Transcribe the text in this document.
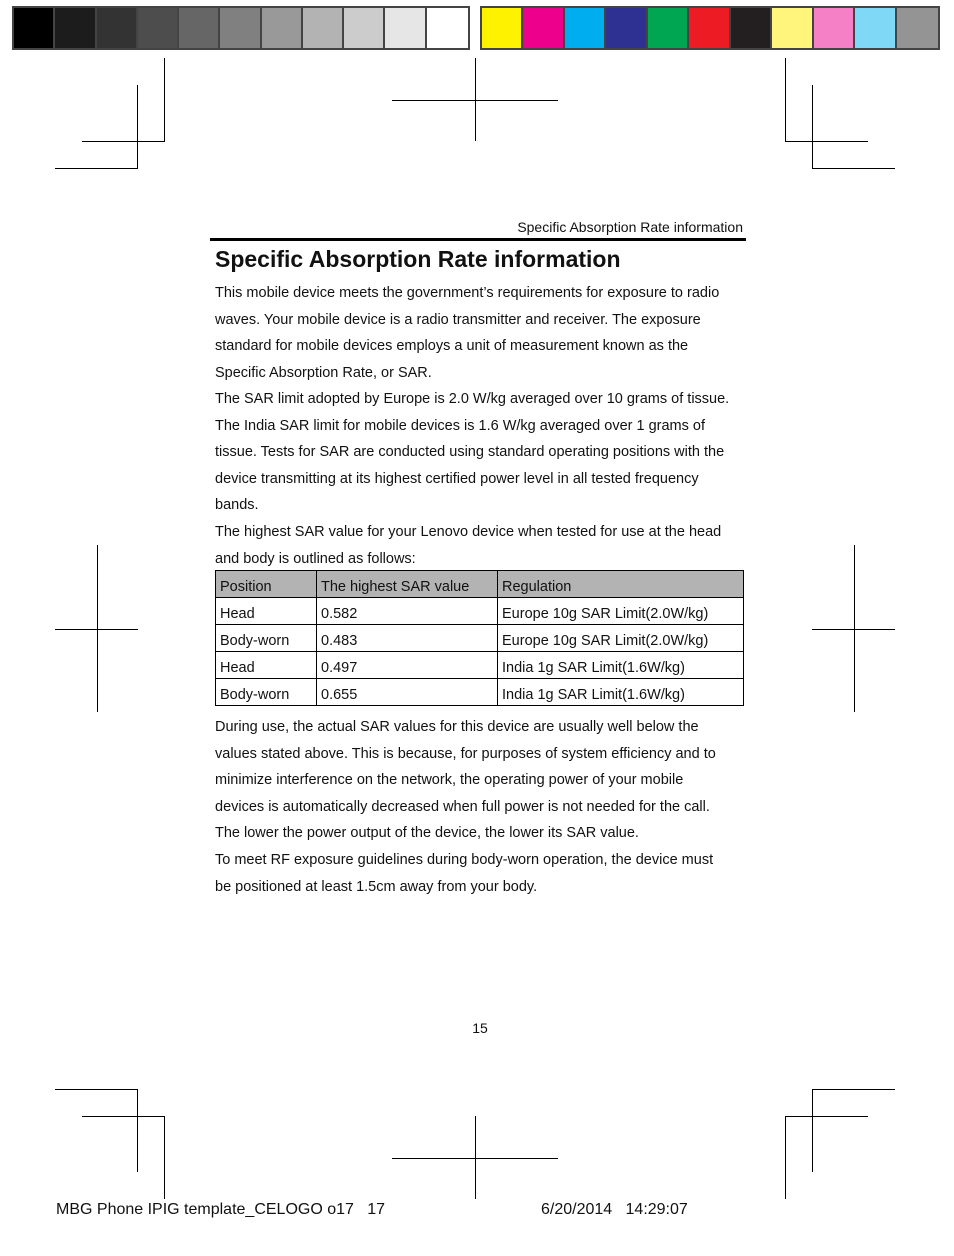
Specific Absorption Rate information
Specific Absorption Rate information
This mobile device meets the government’s requirements for exposure to radio
waves. Your mobile device is a radio transmitter and receiver. The exposure
standard for mobile devices employs a unit of measurement known as the
Specific Absorption Rate, or SAR.
The SAR limit adopted by Europe is 2.0 W/kg averaged over 10 grams of tissue.
The India SAR limit for mobile devices is 1.6 W/kg averaged over 1 grams of
tissue. Tests for SAR are conducted using standard operating positions with the
device transmitting at its highest certified power level in all tested frequency
bands.
The highest SAR value for your Lenovo device when tested for use at the head
and body is outlined as follows:
Position	The highest SAR value	Regulation
Head	0.582	Europe 10g SAR Limit(2.0W/kg)
Body-worn	0.483	Europe 10g SAR Limit(2.0W/kg)
Head	0.497	India 1g SAR Limit(1.6W/kg)
Body-worn	0.655	India 1g SAR Limit(1.6W/kg)
During use, the actual SAR values for this device are usually well below the
values stated above. This is because, for purposes of system efficiency and to
minimize interference on the network, the operating power of your mobile
devices is automatically decreased when full power is not needed for the call.
The lower the power output of the device, the lower its SAR value.
To meet RF exposure guidelines during body-worn operation, the device must
be positioned at least 1.5cm away from your body.
15
MBG Phone IPIG template_CELOGO o17   17	6/20/2014   14:29:07
